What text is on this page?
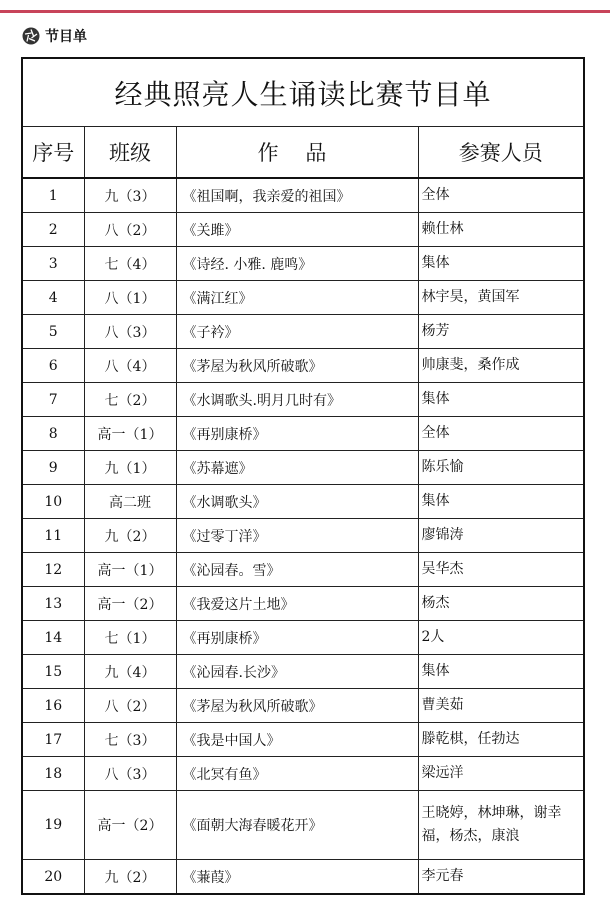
节目单
经典照亮人生诵读比赛节目单			
序号	班级	作 品	参赛人员
1	九（3）	《祖国啊，我亲爱的祖国》	全体
2	八（2）	《关雎》	赖仕林
3	七（4）	《诗经. 小雅. 鹿鸣》	集体
4	八（1）	《满江红》	林宇昊，黄国军
5	八（3）	《子衿》	杨芳
6	八（4）	《茅屋为秋风所破歌》	帅康斐，桑作成
7	七（2）	《水调歌头.明月几时有》	集体
8	高一（1）	《再别康桥》	全体
9	九（1）	《苏幕遮》	陈乐愉
10	高二班	《水调歌头》	集体
11	九（2）	《过零丁洋》	廖锦涛
12	高一（1）	《沁园春。雪》	吴华杰
13	高一（2）	《我爱这片土地》	杨杰
14	七（1）	《再别康桥》	2人
15	九（4）	《沁园春.长沙》	集体
16	八（2）	《茅屋为秋风所破歌》	曹美茹
17	七（3）	《我是中国人》	滕乾棋，任勃达
18	八（3）	《北冥有鱼》	梁远洋
19	高一（2）	《面朝大海春暖花开》	王晓婷，林坤琳，谢幸福，杨杰，康浪
20	九（2）	《蒹葭》	李元春
